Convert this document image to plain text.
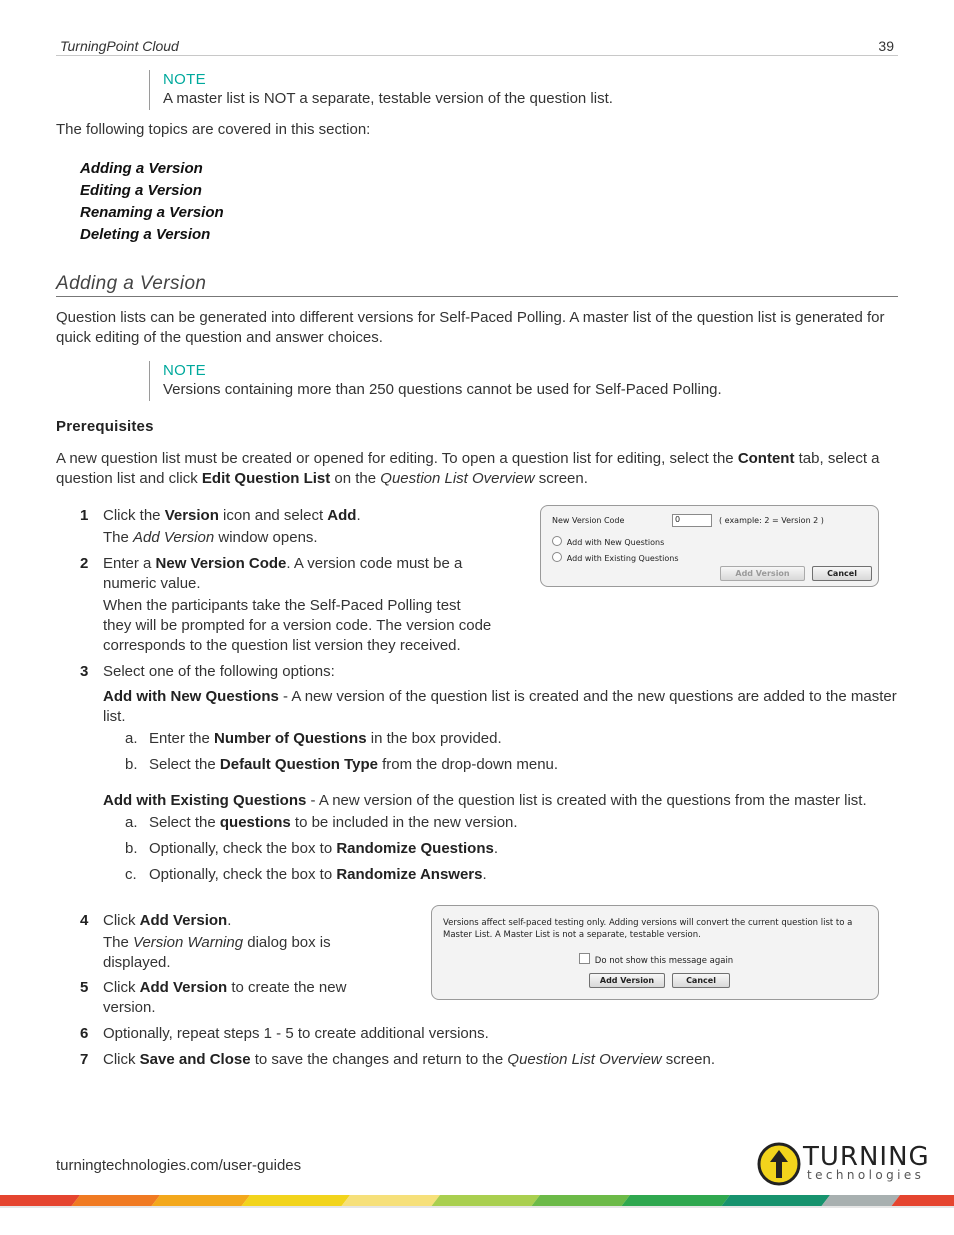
TurningPoint Cloud	39
NOTE
A master list is NOT a separate, testable version of the question list.
The following topics are covered in this section:
Adding a Version
Editing a Version
Renaming a Version
Deleting a Version
Adding a Version
Question lists can be generated into different versions for Self-Paced Polling. A master list of the question list is generated for quick editing of the question and answer choices.
NOTE
Versions containing more than 250 questions cannot be used for Self-Paced Polling.
Prerequisites
A new question list must be created or opened for editing. To open a question list for editing, select the Content tab, select a question list and click Edit Question List on the Question List Overview screen.
1 Click the Version icon and select Add.
The Add Version window opens.
2 Enter a New Version Code. A version code must be a numeric value.
When the participants take the Self-Paced Polling test they will be prompted for a version code. The version code corresponds to the question list version they received.
New Version Code	0	( example: 2 = Version 2 )
Add with New Questions
Add with Existing Questions
Add Version	Cancel
3 Select one of the following options:
Add with New Questions - A new version of the question list is created and the new questions are added to the master list.
a. Enter the Number of Questions in the box provided.
b. Select the Default Question Type from the drop-down menu.
Add with Existing Questions - A new version of the question list is created with the questions from the master list.
a. Select the questions to be included in the new version.
b. Optionally, check the box to Randomize Questions.
c. Optionally, check the box to Randomize Answers.
4 Click Add Version.
The Version Warning dialog box is displayed.
5 Click Add Version to create the new version.
Versions affect self-paced testing only. Adding versions will convert the current question list to a
Master List. A Master List is not a separate, testable version.
Do not show this message again
Add Version	Cancel
6 Optionally, repeat steps 1 - 5 to create additional versions.
7 Click Save and Close to save the changes and return to the Question List Overview screen.
turningtechnologies.com/user-guides	TURNING
technologies
